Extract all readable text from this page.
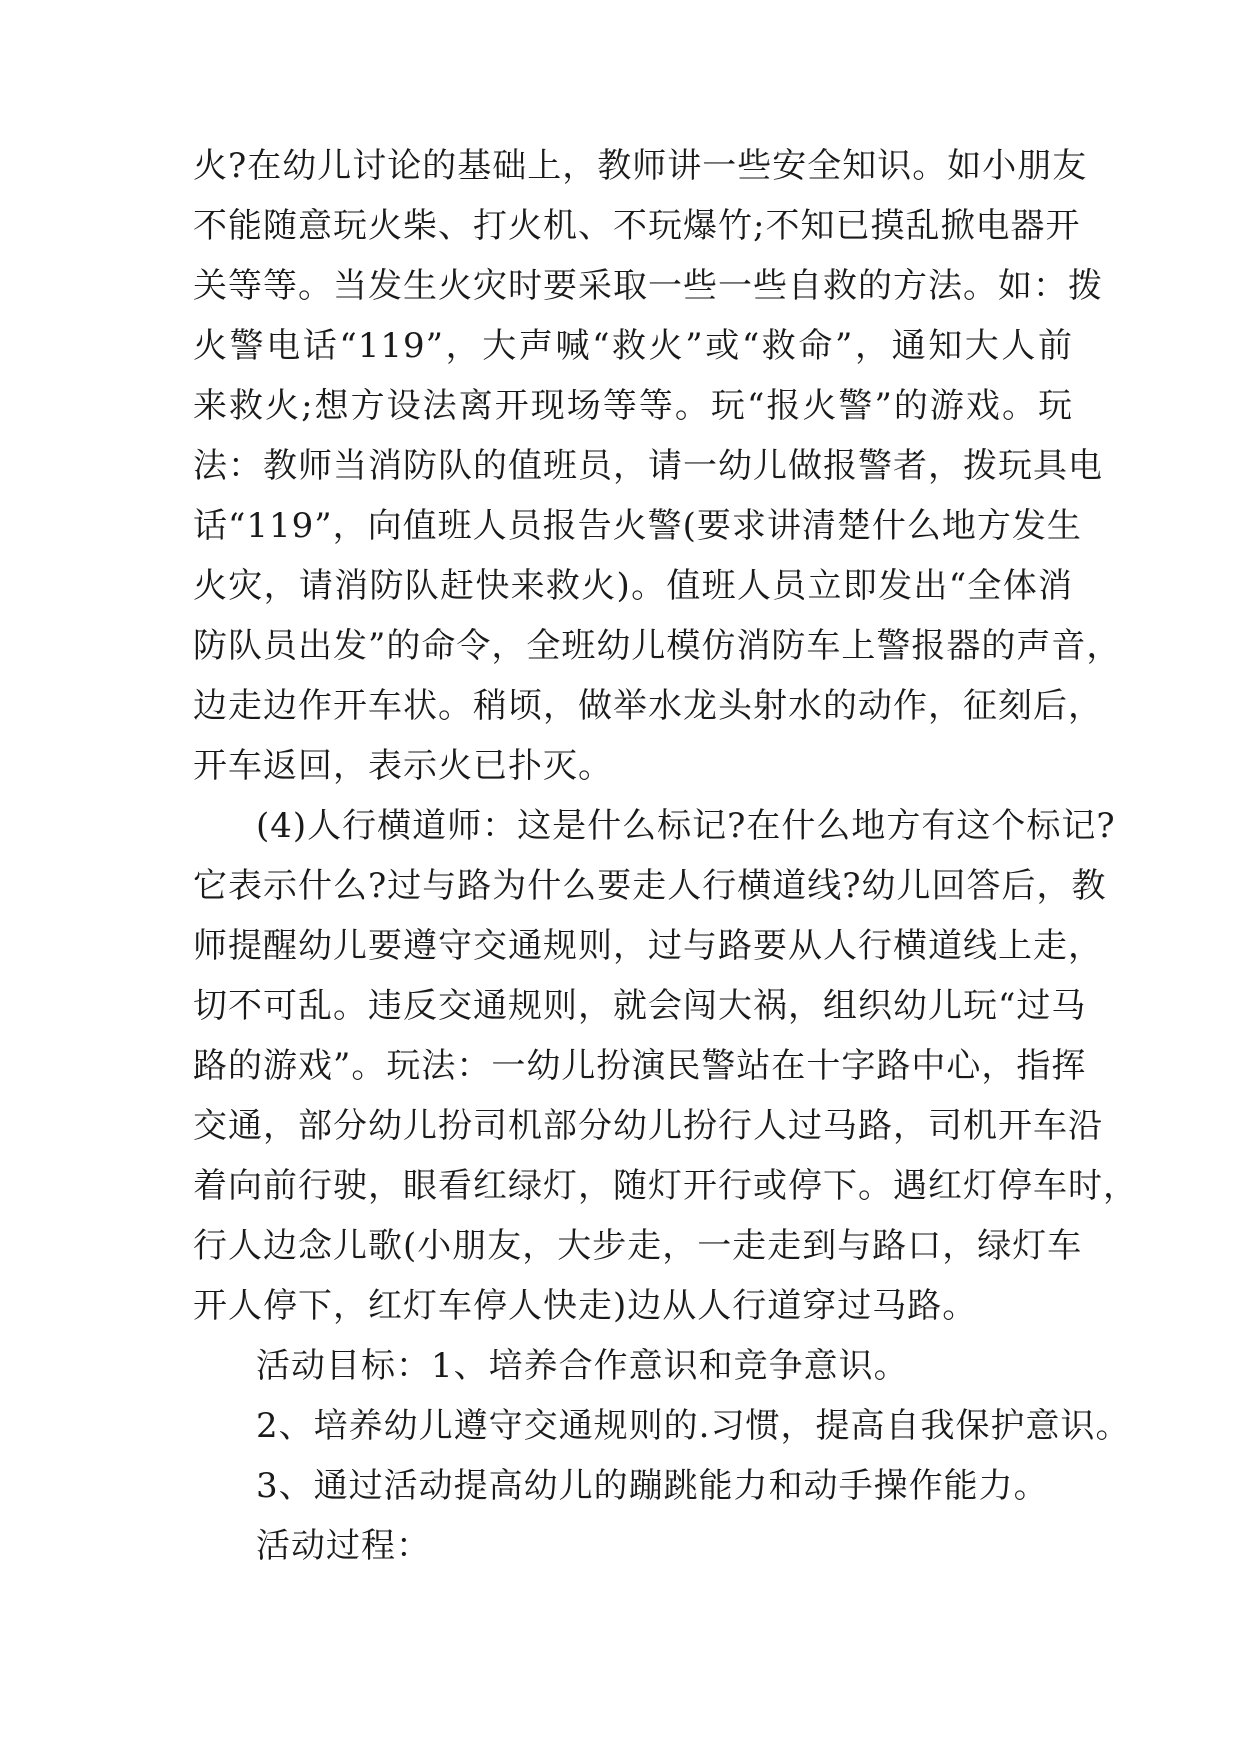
火?在幼儿讨论的基础上，教师讲一些安全知识。如小朋友
不能随意玩火柴、打火机、不玩爆竹;不知已摸乱掀电器开
关等等。当发生火灾时要采取一些一些自救的方法。如：拨
火警电话“119”，大声喊“救火”或“救命”，通知大人前
来救火;想方设法离开现场等等。玩“报火警”的游戏。玩
法：教师当消防队的值班员，请一幼儿做报警者，拨玩具电
话“119”，向值班人员报告火警(要求讲清楚什么地方发生
火灾，请消防队赶快来救火)。值班人员立即发出“全体消
防队员出发”的命令，全班幼儿模仿消防车上警报器的声音，
边走边作开车状。稍顷，做举水龙头射水的动作，征刻后，
开车返回，表示火已扑灭。
(4)人行横道师：这是什么标记?在什么地方有这个标记?
它表示什么?过与路为什么要走人行横道线?幼儿回答后，教
师提醒幼儿要遵守交通规则，过与路要从人行横道线上走，
切不可乱。违反交通规则，就会闯大祸，组织幼儿玩“过马
路的游戏”。玩法：一幼儿扮演民警站在十字路中心，指挥
交通，部分幼儿扮司机部分幼儿扮行人过马路，司机开车沿
着向前行驶，眼看红绿灯，随灯开行或停下。遇红灯停车时，
行人边念儿歌(小朋友，大步走，一走走到与路口，绿灯车
开人停下，红灯车停人快走)边从人行道穿过马路。
活动目标：1、培养合作意识和竞争意识。
2、培养幼儿遵守交通规则的.习惯，提高自我保护意识。
3、通过活动提高幼儿的蹦跳能力和动手操作能力。
活动过程：
